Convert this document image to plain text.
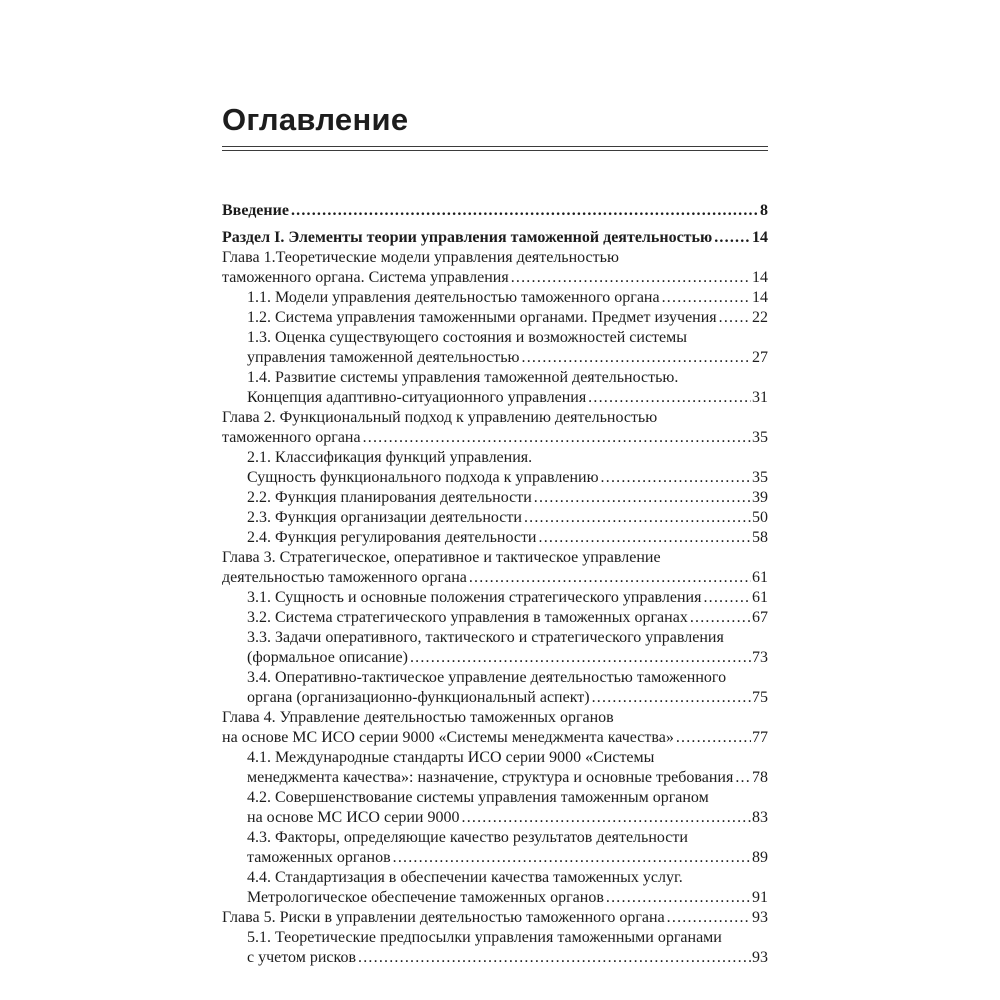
Оглавление
Введение .....	8
Раздел I. Элементы теории управления таможенной деятельностью ..... 14
Глава 1.Теоретические модели управления деятельностью
таможенного органа. Система управления .....	14
1.1. Модели управления деятельностью таможенного органа .....	14
1.2. Система управления таможенными органами. Предмет изучения ..... 22
1.3. Оценка существующего состояния и возможностей системы
управления таможенной деятельностью .....	27
1.4. Развитие системы управления таможенной деятельностью.
Концепция адаптивно-ситуационного управления .....	31
Глава 2. Функциональный подход к управлению деятельностью
таможенного органа .....	35
2.1. Классификация функций управления.
Сущность функционального подхода к управлению .....	35
2.2. Функция планирования деятельности .....	39
2.3. Функция организации деятельности .....	50
2.4. Функция регулирования деятельности .....	58
Глава 3. Стратегическое, оперативное и тактическое управление
деятельностью таможенного органа .....	61
3.1. Сущность и основные положения стратегического управления .....	61
3.2. Система стратегического управления в таможенных органах .....	67
3.3. Задачи оперативного, тактического и стратегического управления
(формальное описание) .....	73
3.4. Оперативно-тактическое управление деятельностью таможенного
органа (организационно-функциональный аспект) .....	75
Глава 4. Управление деятельностью таможенных органов
на основе МС ИСО серии 9000 «Системы менеджмента качества» .....	77
4.1. Международные стандарты ИСО серии 9000 «Системы
менеджмента качества»: назначение, структура и основные требования ..... 78
4.2. Совершенствование системы управления таможенным органом
на основе МС ИСО серии 9000 .....	83
4.3. Факторы, определяющие качество результатов деятельности
таможенных органов .....	89
4.4. Стандартизация в обеспечении качества таможенных услуг.
Метрологическое обеспечение таможенных органов .....	91
Глава 5. Риски в управлении деятельностью таможенного органа .....	93
5.1. Теоретические предпосылки управления таможенными органами
с учетом рисков .....	93
